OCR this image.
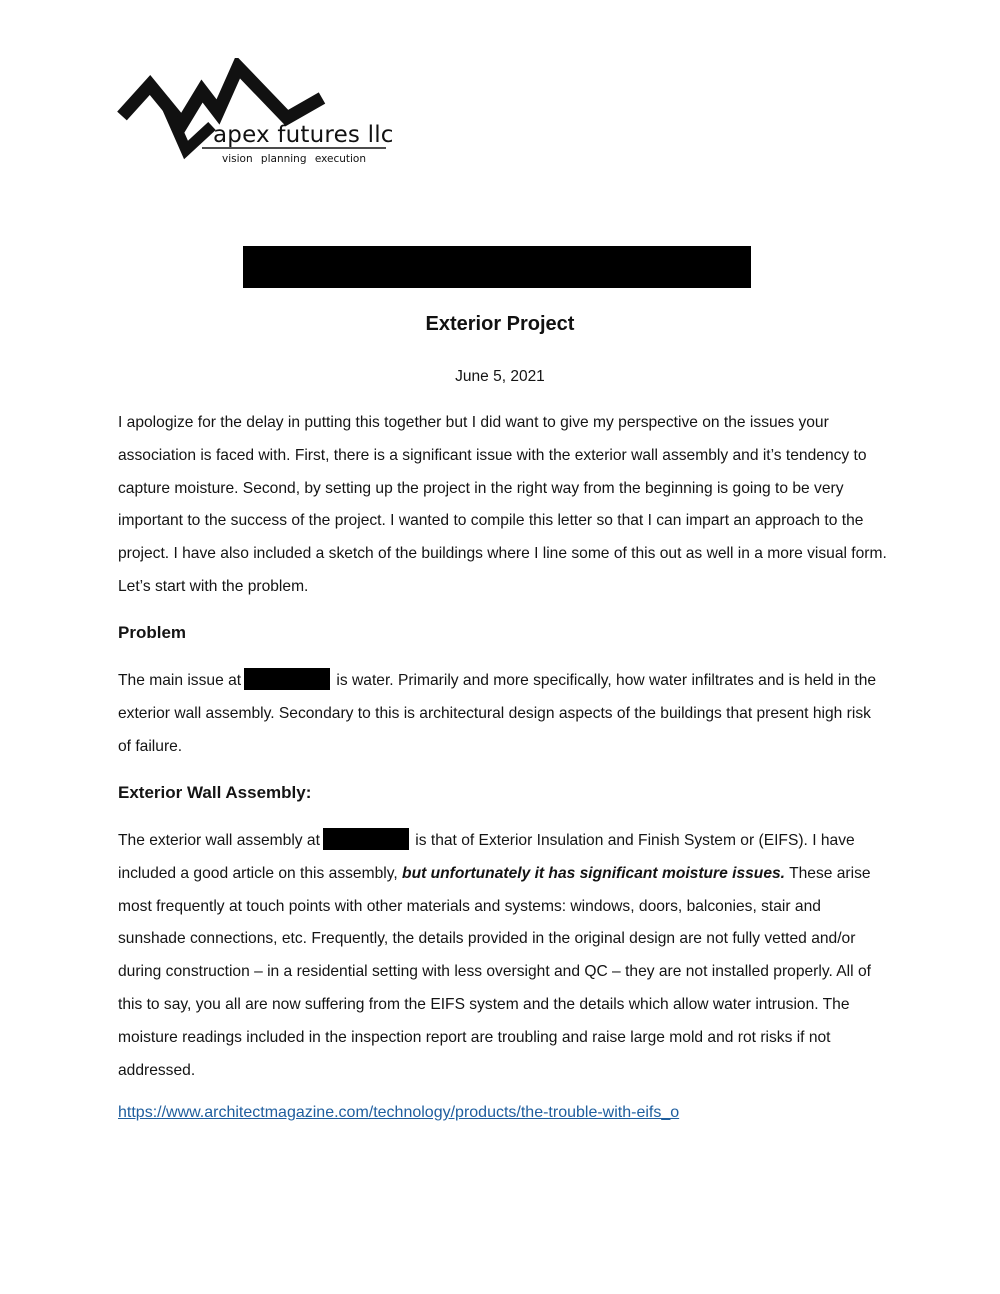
apex futures llc
vision planning execution
Exterior Project
June 5, 2021

I apologize for the delay in putting this together but I did want to give my perspective on the issues your association is faced with. First, there is a significant issue with the exterior wall assembly and it’s tendency to capture moisture. Second, by setting up the project in the right way from the beginning is going to be very important to the success of the project. I wanted to compile this letter so that I can impart an approach to the project. I have also included a sketch of the buildings where I line some of this out as well in a more visual form. Let’s start with the problem.

Problem

The main issue at	is water. Primarily and more specifically, how water infiltrates and is held in the exterior wall assembly. Secondary to this is architectural design aspects of the buildings that present high risk of failure.

Exterior Wall Assembly:

The exterior wall assembly at	is that of Exterior Insulation and Finish System or (EIFS). I have included a good article on this assembly, but unfortunately it has significant moisture issues. These arise most frequently at touch points with other materials and systems: windows, doors, balconies, stair and sunshade connections, etc. Frequently, the details provided in the original design are not fully vetted and/or during construction – in a residential setting with less oversight and QC – they are not installed properly. All of this to say, you all are now suffering from the EIFS system and the details which allow water intrusion. The moisture readings included in the inspection report are troubling and raise large mold and rot risks if not addressed.

https://www.architectmagazine.com/technology/products/the-trouble-with-eifs_o
